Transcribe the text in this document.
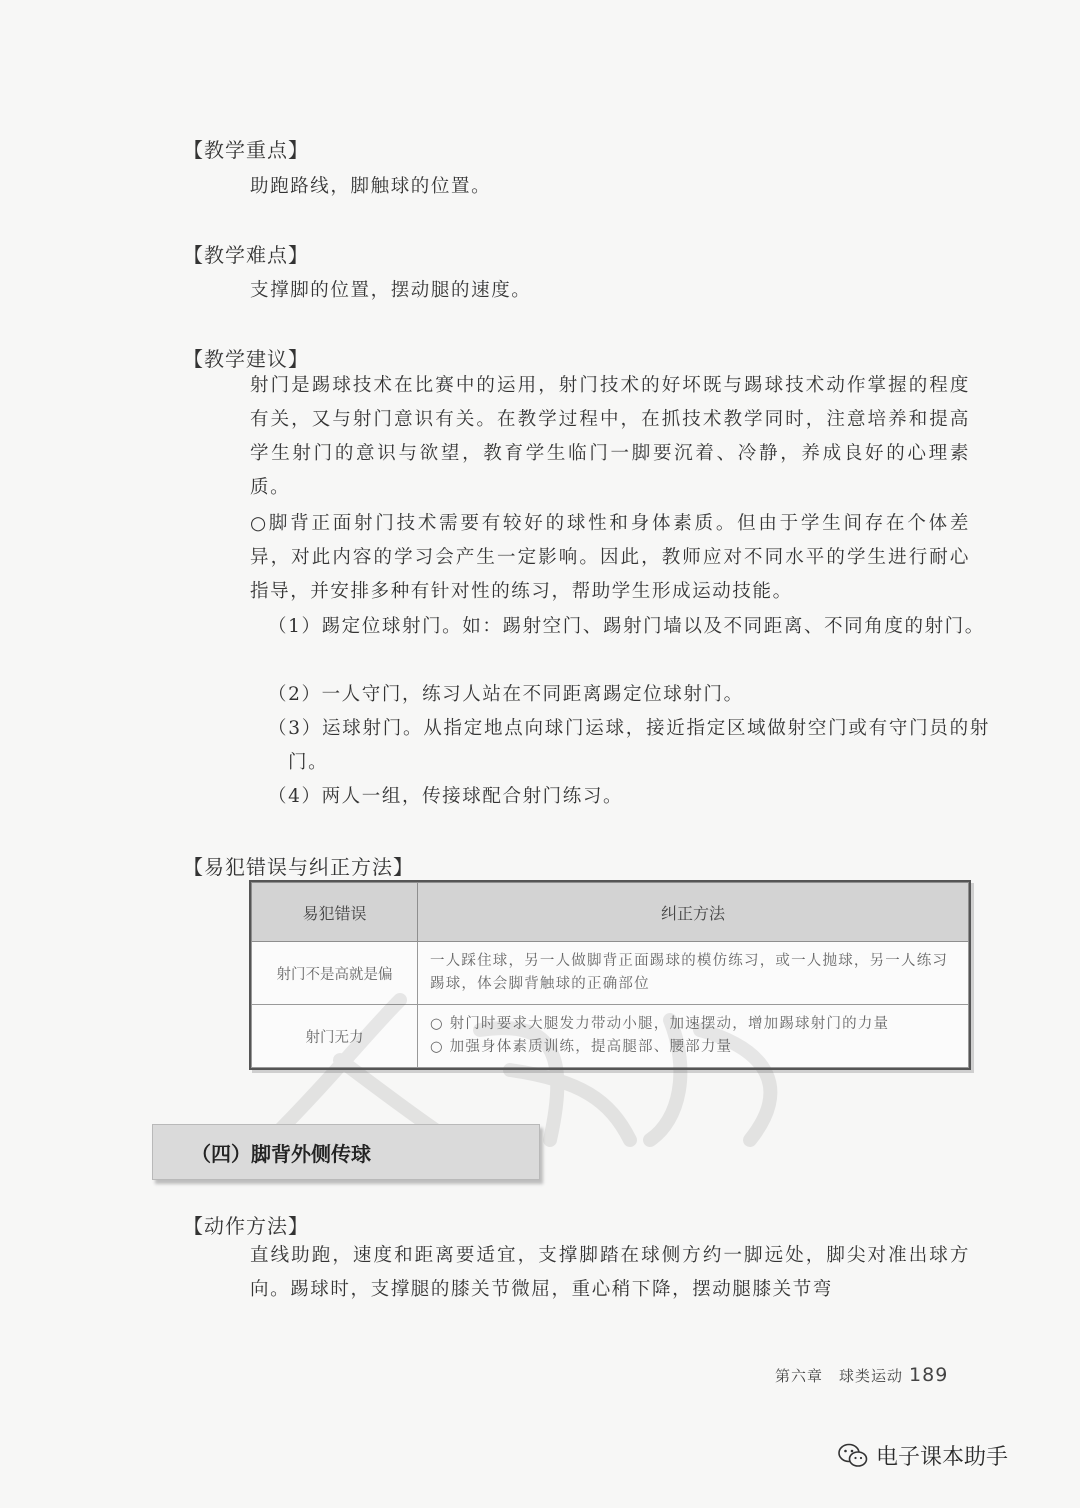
【教学重点】
助跑路线，脚触球的位置。
【教学难点】
支撑脚的位置，摆动腿的速度。
【教学建议】
射门是踢球技术在比赛中的运用，射门技术的好坏既与踢球技术动作掌握的程度有关，又与射门意识有关。在教学过程中，在抓技术教学同时，注意培养和提高学生射门的意识与欲望，教育学生临门一脚要沉着、冷静，养成良好的心理素质。
○脚背正面射门技术需要有较好的球性和身体素质。但由于学生间存在个体差异，对此内容的学习会产生一定影响。因此，教师应对不同水平的学生进行耐心指导，并安排多种有针对性的练习，帮助学生形成运动技能。
（1）踢定位球射门。如：踢射空门、踢射门墙以及不同距离、不同角度的射门。
（2）一人守门，练习人站在不同距离踢定位球射门。
（3）运球射门。从指定地点向球门运球，接近指定区域做射空门或有守门员的射门。
（4）两人一组，传接球配合射门练习。
【易犯错误与纠正方法】
易犯错误	纠正方法
射门不是高就是偏	一人踩住球，另一人做脚背正面踢球的模仿练习，或一人抛球，另一人练习踢球，体会脚背触球的正确部位
射门无力	○ 射门时要求大腿发力带动小腿，加速摆动，增加踢球射门的力量
○ 加强身体素质训练，提高腿部、腰部力量
（四）脚背外侧传球
【动作方法】
直线助跑，速度和距离要适宜，支撑脚踏在球侧方约一脚远处，脚尖对准出球方向。踢球时，支撑腿的膝关节微屈，重心稍下降，摆动腿膝关节弯
第六章　球类运动 189
电子课本助手
